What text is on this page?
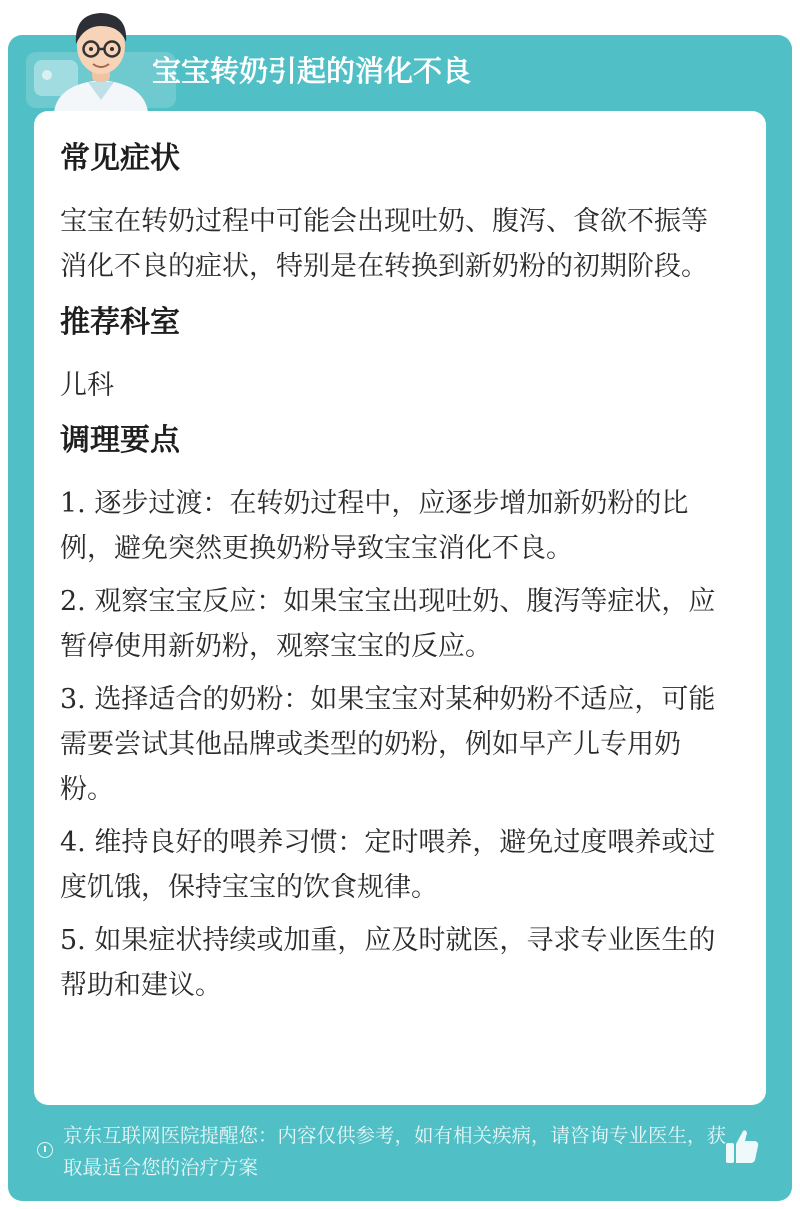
宝宝转奶引起的消化不良
常见症状

宝宝在转奶过程中可能会出现吐奶、腹泻、食欲不振等消化不良的症状，特别是在转换到新奶粉的初期阶段。

推荐科室

儿科

调理要点

1. 逐步过渡：在转奶过程中，应逐步增加新奶粉的比例，避免突然更换奶粉导致宝宝消化不良。

2. 观察宝宝反应：如果宝宝出现吐奶、腹泻等症状，应暂停使用新奶粉，观察宝宝的反应。

3. 选择适合的奶粉：如果宝宝对某种奶粉不适应，可能需要尝试其他品牌或类型的奶粉，例如早产儿专用奶粉。

4. 维持良好的喂养习惯：定时喂养，避免过度喂养或过度饥饿，保持宝宝的饮食规律。

5. 如果症状持续或加重，应及时就医，寻求专业医生的帮助和建议。

京东互联网医院提醒您：内容仅供参考，如有相关疾病，请咨询专业医生，获取最适合您的治疗方案
